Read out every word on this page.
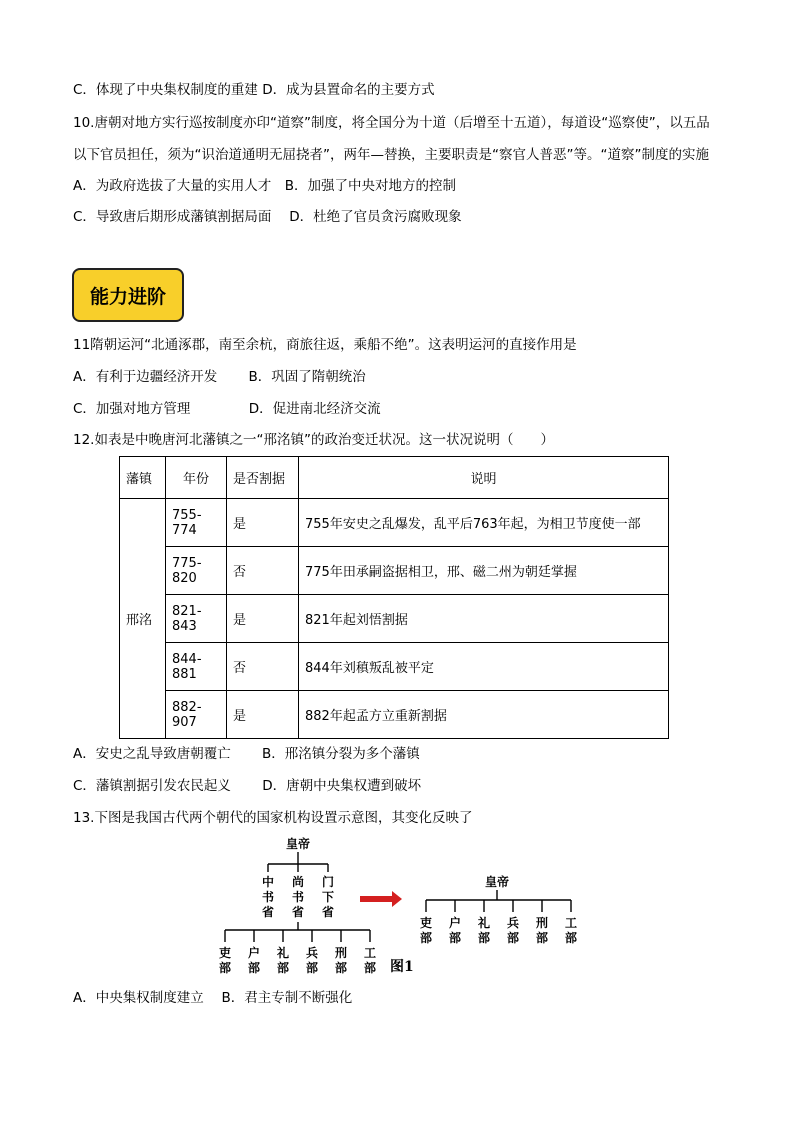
C．体现了中央集权制度的重建 D．成为县置命名的主要方式
10.唐朝对地方实行巡按制度亦印“道察”制度，将全国分为十道（后增至十五道），每道设“巡察使”，以五品
以下官员担任，须为“识治道通明无屈挠者”，两年—替换，主要职责是“察官人普恶”等。“道察”制度的实施
A．为政府选拔了大量的实用人才　B．加强了中央对地方的控制
C．导致唐后期形成藩镇割据局面　 D．杜绝了官员贪污腐败现象
能力进阶
11隋朝运河“北通涿郡，南至余杭，商旅往返，乘船不绝”。这表明运河的直接作用是
A．有利于边疆经济开发　　 B．巩固了隋朝统治
C．加强对地方管理　　　　 D．促进南北经济交流
12.如表是中晚唐河北藩镇之一“邢洺镇”的政治变迁状况。这一状况说明（　　）
藩镇	年份	是否割据	说明
邢洺	755-774	是	755年安史之乱爆发，乱平后763年起，为相卫节度使一部
	775-820	否	775年田承嗣盗据相卫，邢、磁二州为朝廷掌握
	821-843	是	821年起刘悟割据
	844-881	否	844年刘稹叛乱被平定
	882-907	是	882年起孟方立重新割据
A．安史之乱导致唐朝覆亡　　 B．邢洺镇分裂为多个藩镇
C．藩镇割据引发农民起义　　 D．唐朝中央集权遭到破坏
13.下图是我国古代两个朝代的国家机构设置示意图，其变化反映了
皇帝
中书省
尚书省
门下省
吏部
户部
礼部
兵部
刑部
工部
皇帝
吏部
户部
礼部
兵部
刑部
工部
图1
A．中央集权制度建立　 B．君主专制不断强化
